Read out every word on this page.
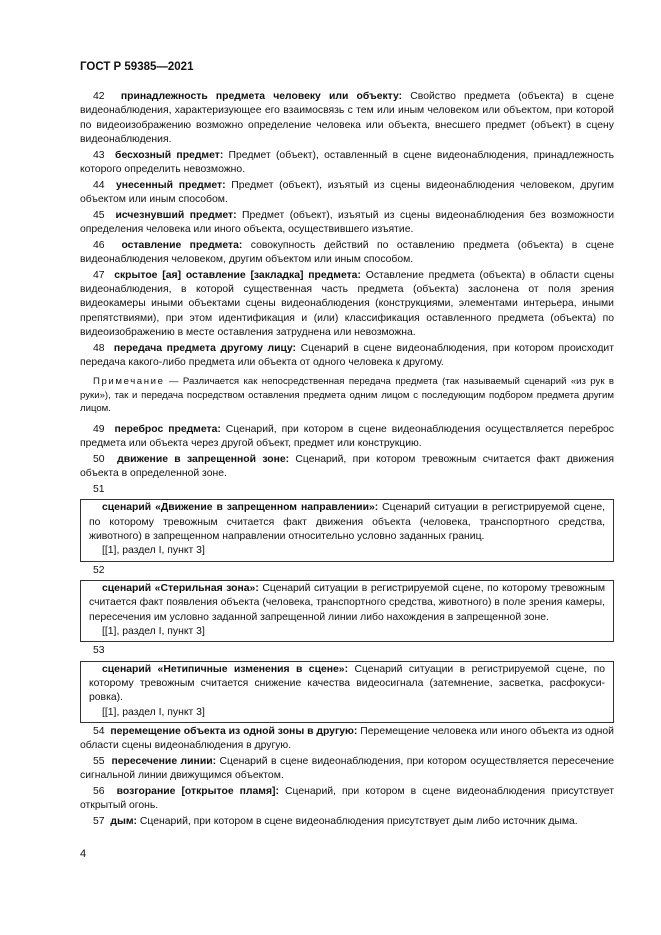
ГОСТ Р 59385—2021

42 принадлежность предмета человеку или объекту: Свойство предмета (объекта) в сцене видеонаблюдения, характеризующее его взаимосвязь с тем или иным человеком или объектом, при которой по видеоизображению возможно определение человека или объекта, внесшего предмет (объект) в сцену видеонаблюдения.

43 бесхозный предмет: Предмет (объект), оставленный в сцене видеонаблюдения, принадлежность которого определить невозможно.

44 унесенный предмет: Предмет (объект), изъятый из сцены видеонаблюдения человеком, другим объектом или иным способом.

45 исчезнувший предмет: Предмет (объект), изъятый из сцены видеонаблюдения без возможности определения человека или иного объекта, осуществившего изъятие.

46 оставление предмета: совокупность действий по оставлению предмета (объекта) в сцене видеонаблюдения человеком, другим объектом или иным способом.

47 скрытое [ая] оставление [закладка] предмета: Оставление предмета (объекта) в области сцены видеонаблюдения, в которой существенная часть предмета (объекта) заслонена от поля зрения видеокамеры иными объектами сцены видеонаблюдения (конструкциями, элементами интерьера, иными препятствиями), при этом идентификация и (или) классификация оставленного предмета (объекта) по видеоизображению в месте оставления затруднена или невозможна.

48 передача предмета другому лицу: Сценарий в сцене видеонаблюдения, при котором происходит передача какого-либо предмета или объекта от одного человека к другому.

Примечание — Различается как непосредственная передача предмета (так называемый сценарий «из рук в руки»), так и передача посредством оставления предмета одним лицом с последующим подбором предмета другим лицом.

49 переброс предмета: Сценарий, при котором в сцене видеонаблюдения осуществляется переброс предмета или объекта через другой объект, предмет или конструкцию.

50 движение в запрещенной зоне: Сценарий, при котором тревожным считается факт движения объекта в определенной зоне.

51

сценарий «Движение в запрещенном направлении»: Сценарий ситуации в регистрируемой сцене, по которому тревожным считается факт движения объекта (человека, транспортного средства, животного) в запрещенном направлении относительно условно заданных границ.

[[1], раздел I, пункт 3]

52

сценарий «Стерильная зона»: Сценарий ситуации в регистрируемой сцене, по которому тревожным считается факт появления объекта (человека, транспортного средства, животного) в поле зрения камеры, пересечения им условно заданной запрещенной линии либо нахождения в запрещенной зоне.

[[1], раздел I, пункт 3]

53

сценарий «Нетипичные изменения в сцене»: Сценарий ситуации в регистрируемой сцене, по которому тревожным считается снижение качества видеосигнала (затемнение, засветка, расфокусировка).

[[1], раздел I, пункт 3]

54 перемещение объекта из одной зоны в другую: Перемещение человека или иного объекта из одной области сцены видеонаблюдения в другую.

55 пересечение линии: Сценарий в сцене видеонаблюдения, при котором осуществляется пересечение сигнальной линии движущимся объектом.

56 возгорание [открытое пламя]: Сценарий, при котором в сцене видеонаблюдения присутствует открытый огонь.

57 дым: Сценарий, при котором в сцене видеонаблюдения присутствует дым либо источник дыма.

4
